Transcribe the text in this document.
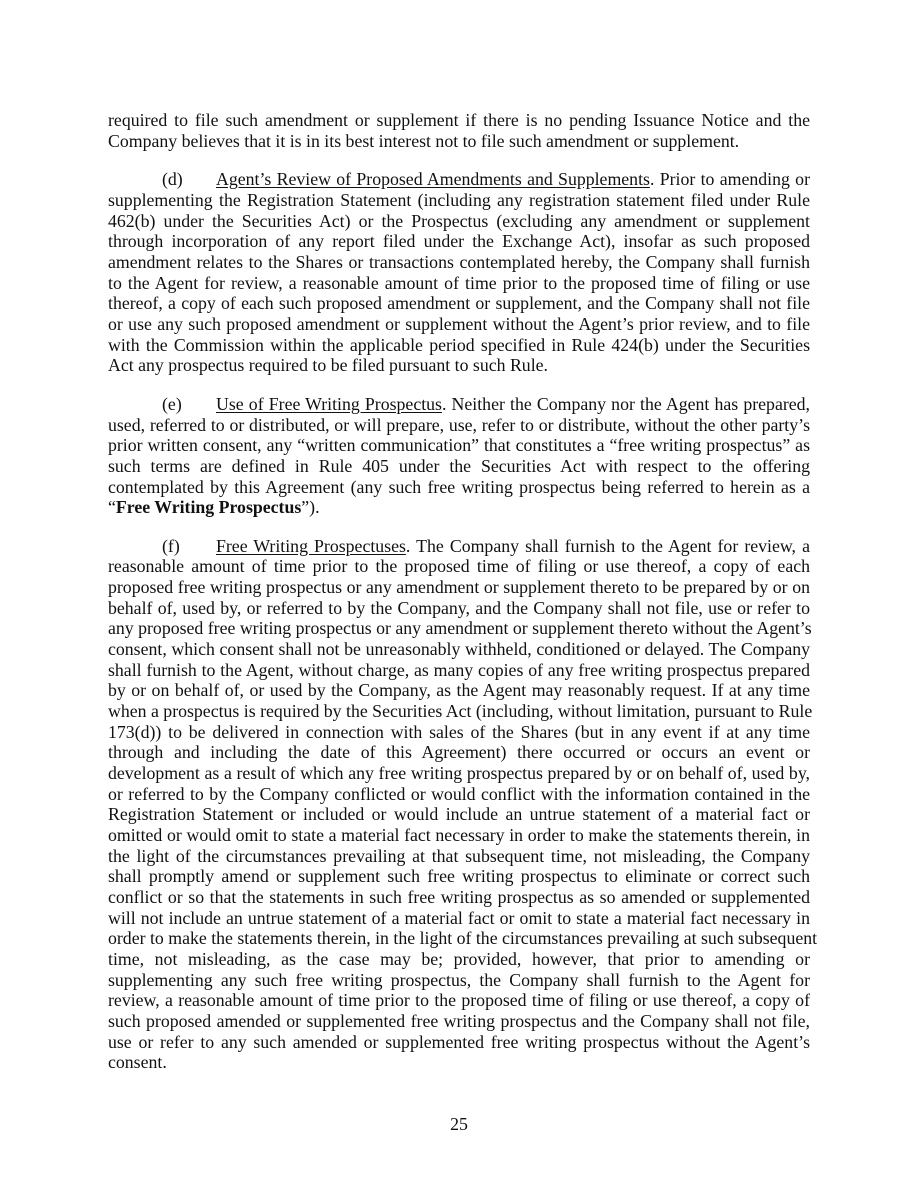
required to file such amendment or supplement if there is no pending Issuance Notice and the
Company believes that it is in its best interest not to file such amendment or supplement.
(d) Agent’s Review of Proposed Amendments and Supplements. Prior to amending or
supplementing the Registration Statement (including any registration statement filed under Rule
462(b) under the Securities Act) or the Prospectus (excluding any amendment or supplement
through incorporation of any report filed under the Exchange Act), insofar as such proposed
amendment relates to the Shares or transactions contemplated hereby, the Company shall furnish
to the Agent for review, a reasonable amount of time prior to the proposed time of filing or use
thereof, a copy of each such proposed amendment or supplement, and the Company shall not file
or use any such proposed amendment or supplement without the Agent’s prior review, and to file
with the Commission within the applicable period specified in Rule 424(b) under the Securities
Act any prospectus required to be filed pursuant to such Rule.
(e) Use of Free Writing Prospectus. Neither the Company nor the Agent has prepared,
used, referred to or distributed, or will prepare, use, refer to or distribute, without the other party’s
prior written consent, any “written communication” that constitutes a “free writing prospectus” as
such terms are defined in Rule 405 under the Securities Act with respect to the offering
contemplated by this Agreement (any such free writing prospectus being referred to herein as a
“Free Writing Prospectus”).
(f) Free Writing Prospectuses. The Company shall furnish to the Agent for review, a
reasonable amount of time prior to the proposed time of filing or use thereof, a copy of each
proposed free writing prospectus or any amendment or supplement thereto to be prepared by or on
behalf of, used by, or referred to by the Company, and the Company shall not file, use or refer to
any proposed free writing prospectus or any amendment or supplement thereto without the Agent’s
consent, which consent shall not be unreasonably withheld, conditioned or delayed. The Company
shall furnish to the Agent, without charge, as many copies of any free writing prospectus prepared
by or on behalf of, or used by the Company, as the Agent may reasonably request. If at any time
when a prospectus is required by the Securities Act (including, without limitation, pursuant to Rule
173(d)) to be delivered in connection with sales of the Shares (but in any event if at any time
through and including the date of this Agreement) there occurred or occurs an event or
development as a result of which any free writing prospectus prepared by or on behalf of, used by,
or referred to by the Company conflicted or would conflict with the information contained in the
Registration Statement or included or would include an untrue statement of a material fact or
omitted or would omit to state a material fact necessary in order to make the statements therein, in
the light of the circumstances prevailing at that subsequent time, not misleading, the Company
shall promptly amend or supplement such free writing prospectus to eliminate or correct such
conflict or so that the statements in such free writing prospectus as so amended or supplemented
will not include an untrue statement of a material fact or omit to state a material fact necessary in
order to make the statements therein, in the light of the circumstances prevailing at such subsequent
time, not misleading, as the case may be; provided, however, that prior to amending or
supplementing any such free writing prospectus, the Company shall furnish to the Agent for
review, a reasonable amount of time prior to the proposed time of filing or use thereof, a copy of
such proposed amended or supplemented free writing prospectus and the Company shall not file,
use or refer to any such amended or supplemented free writing prospectus without the Agent’s
consent.
25
